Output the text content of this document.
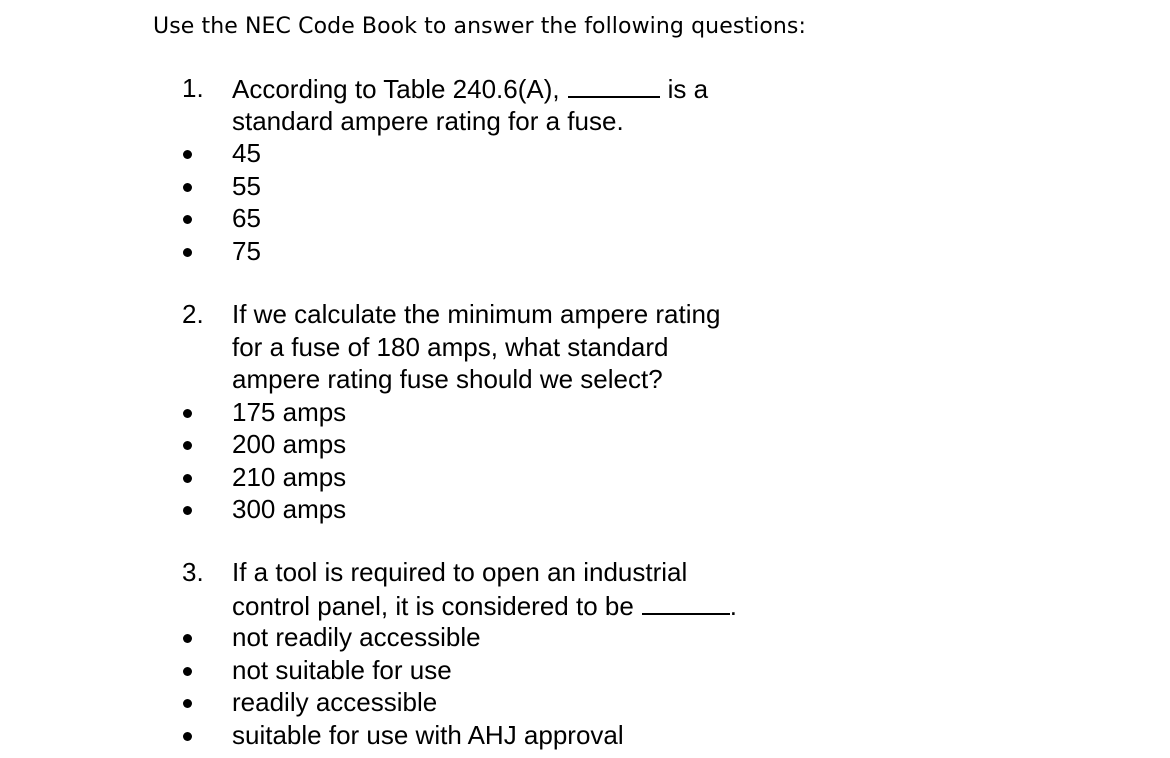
Use the NEC Code Book to answer the following questions:
1. According to Table 240.6(A),	is a
standard ampere rating for a fuse.
45
55
65
75
2. If we calculate the minimum ampere rating
for a fuse of 180 amps, what standard
ampere rating fuse should we select?
175 amps
200 amps
210 amps
300 amps
3. If a tool is required to open an industrial
control panel, it is considered to be	.
not readily accessible
not suitable for use
readily accessible
suitable for use with AHJ approval
